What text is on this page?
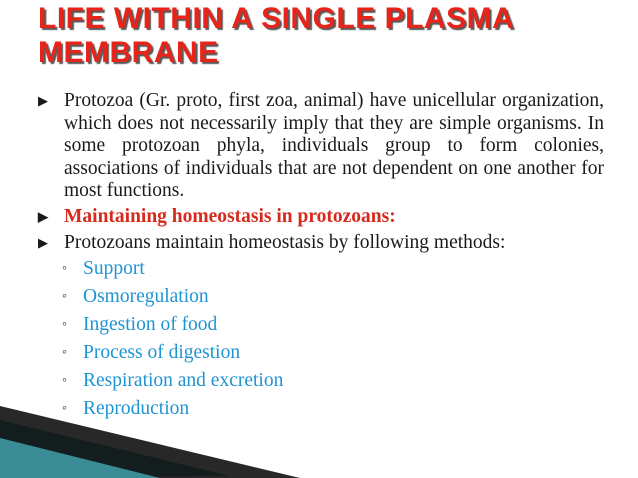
LIFE WITHIN A SINGLE PLASMA MEMBRANE
▶ Protozoa (Gr. proto, first zoa, animal) have unicellular organization, which does not necessarily imply that they are simple organisms. In some protozoan phyla, individuals group to form colonies, associations of individuals that are not dependent on one another for most functions.
▶ Maintaining homeostasis in protozoans:
▶ Protozoans maintain homeostasis by following methods:
◦ Support
◦ Osmoregulation
◦ Ingestion of food
◦ Process of digestion
◦ Respiration and excretion
◦ Reproduction
